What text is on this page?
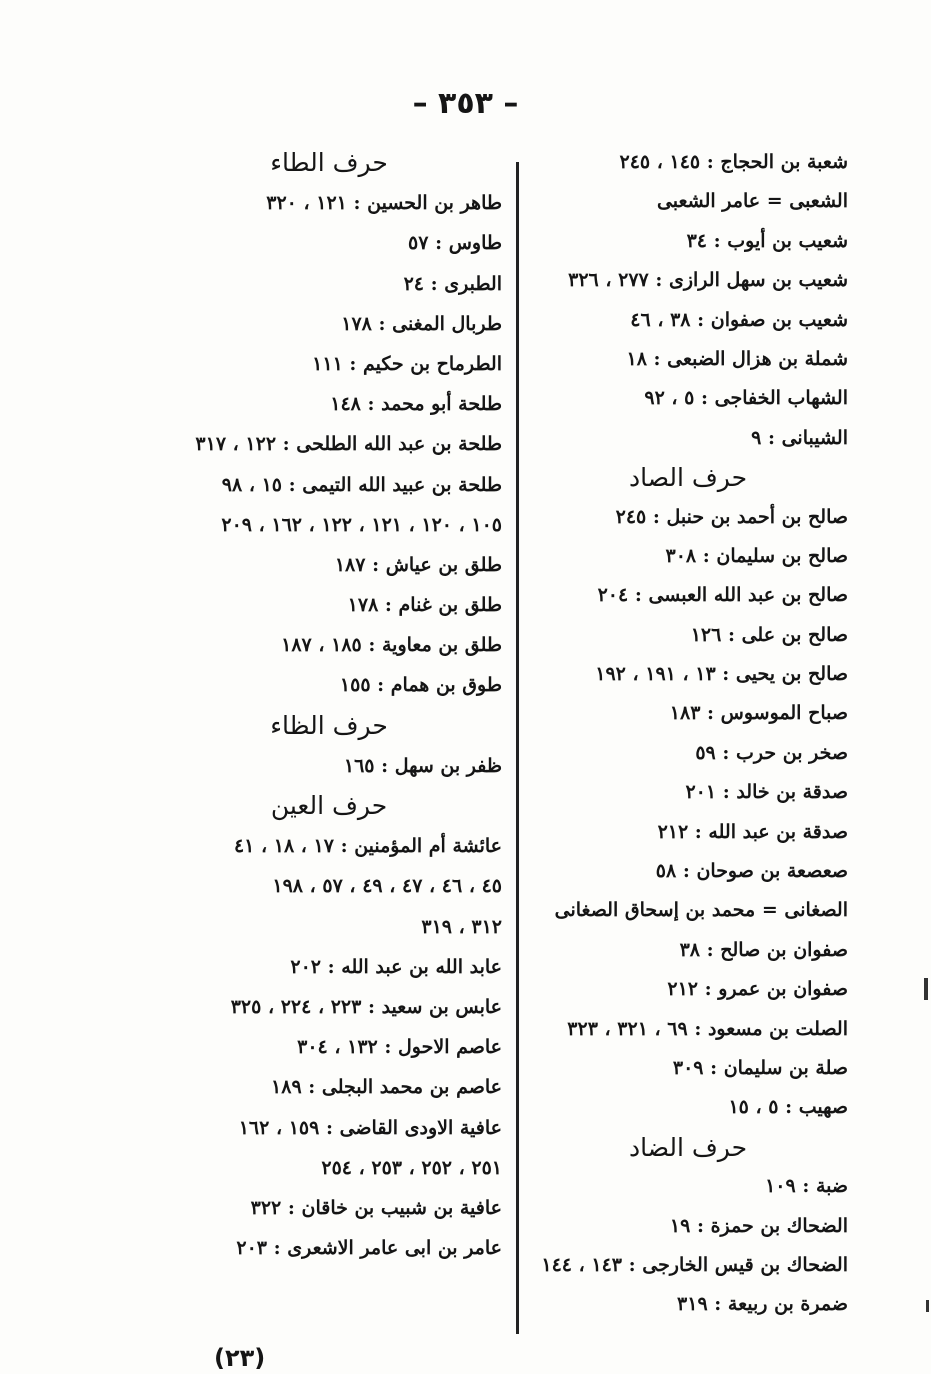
– ٣٥٣ –
شعبة بن الحجاج : ١٤٥ ، ٢٤٥
الشعبى = عامر الشعبى
شعيب بن أيوب : ٣٤
شعيب بن سهل الرازى : ٢٧٧ ، ٣٢٦
شعيب بن صفوان : ٣٨ ، ٤٦
شملة بن هزال الضبعى : ١٨
الشهاب الخفاجى : ٥ ، ٩٢
الشيبانى : ٩
حرف الصاد
صالح بن أحمد بن حنبل : ٢٤٥
صالح بن سليمان : ٣٠٨
صالح بن عبد الله العبسى : ٢٠٤
صالح بن على : ١٢٦
صالح بن يحيى : ١٣ ، ١٩١ ، ١٩٢
صباح الموسوس : ١٨٣
صخر بن حرب : ٥٩
صدقة بن خالد : ٢٠١
صدقة بن عبد الله : ٢١٢
صعصعة بن صوحان : ٥٨
الصغانى = محمد بن إسحاق الصغانى
صفوان بن صالح : ٣٨
صفوان بن عمرو : ٢١٢
الصلت بن مسعود : ٦٩ ، ٣٢١ ، ٣٢٣
صلة بن سليمان : ٣٠٩
صهيب : ٥ ، ١٥
حرف الضاد
ضبة : ١٠٩
الضحاك بن حمزة : ١٩
الضحاك بن قيس الخارجى : ١٤٣ ، ١٤٤
ضمرة بن ربيعة : ٣١٩
حرف الطاء
طاهر بن الحسين : ١٢١ ، ٣٢٠
طاوس : ٥٧
الطبرى : ٢٤
طربال المغنى : ١٧٨
الطرماح بن حكيم : ١١١
طلحة أبو محمد : ١٤٨
طلحة بن عبد الله الطلحى : ١٢٢ ، ٣١٧
طلحة بن عبيد الله التيمى : ١٥ ، ٩٨
١٠٥ ، ١٢٠ ، ١٢١ ، ١٢٢ ، ١٦٢ ، ٢٠٩
طلق بن عياش : ١٨٧
طلق بن غنام : ١٧٨
طلق بن معاوية : ١٨٥ ، ١٨٧
طوق بن همام : ١٥٥
حرف الظاء
ظفر بن سهل : ١٦٥
حرف العين
عائشة أم المؤمنين : ١٧ ، ١٨ ، ٤١
٤٥ ، ٤٦ ، ٤٧ ، ٤٩ ، ٥٧ ، ١٩٨
٣١٢ ، ٣١٩
عابد الله بن عبد الله : ٢٠٢
عابس بن سعيد : ٢٢٣ ، ٢٢٤ ، ٣٢٥
عاصم الاحول : ١٣٢ ، ٣٠٤
عاصم بن محمد البجلى : ١٨٩
عافية الاودى القاضى : ١٥٩ ، ١٦٢
٢٥١ ، ٢٥٢ ، ٢٥٣ ، ٢٥٤
عافية بن شبيب بن خاقان : ٣٢٢
عامر بن ابى عامر الاشعرى : ٢٠٣
(٢٣)
